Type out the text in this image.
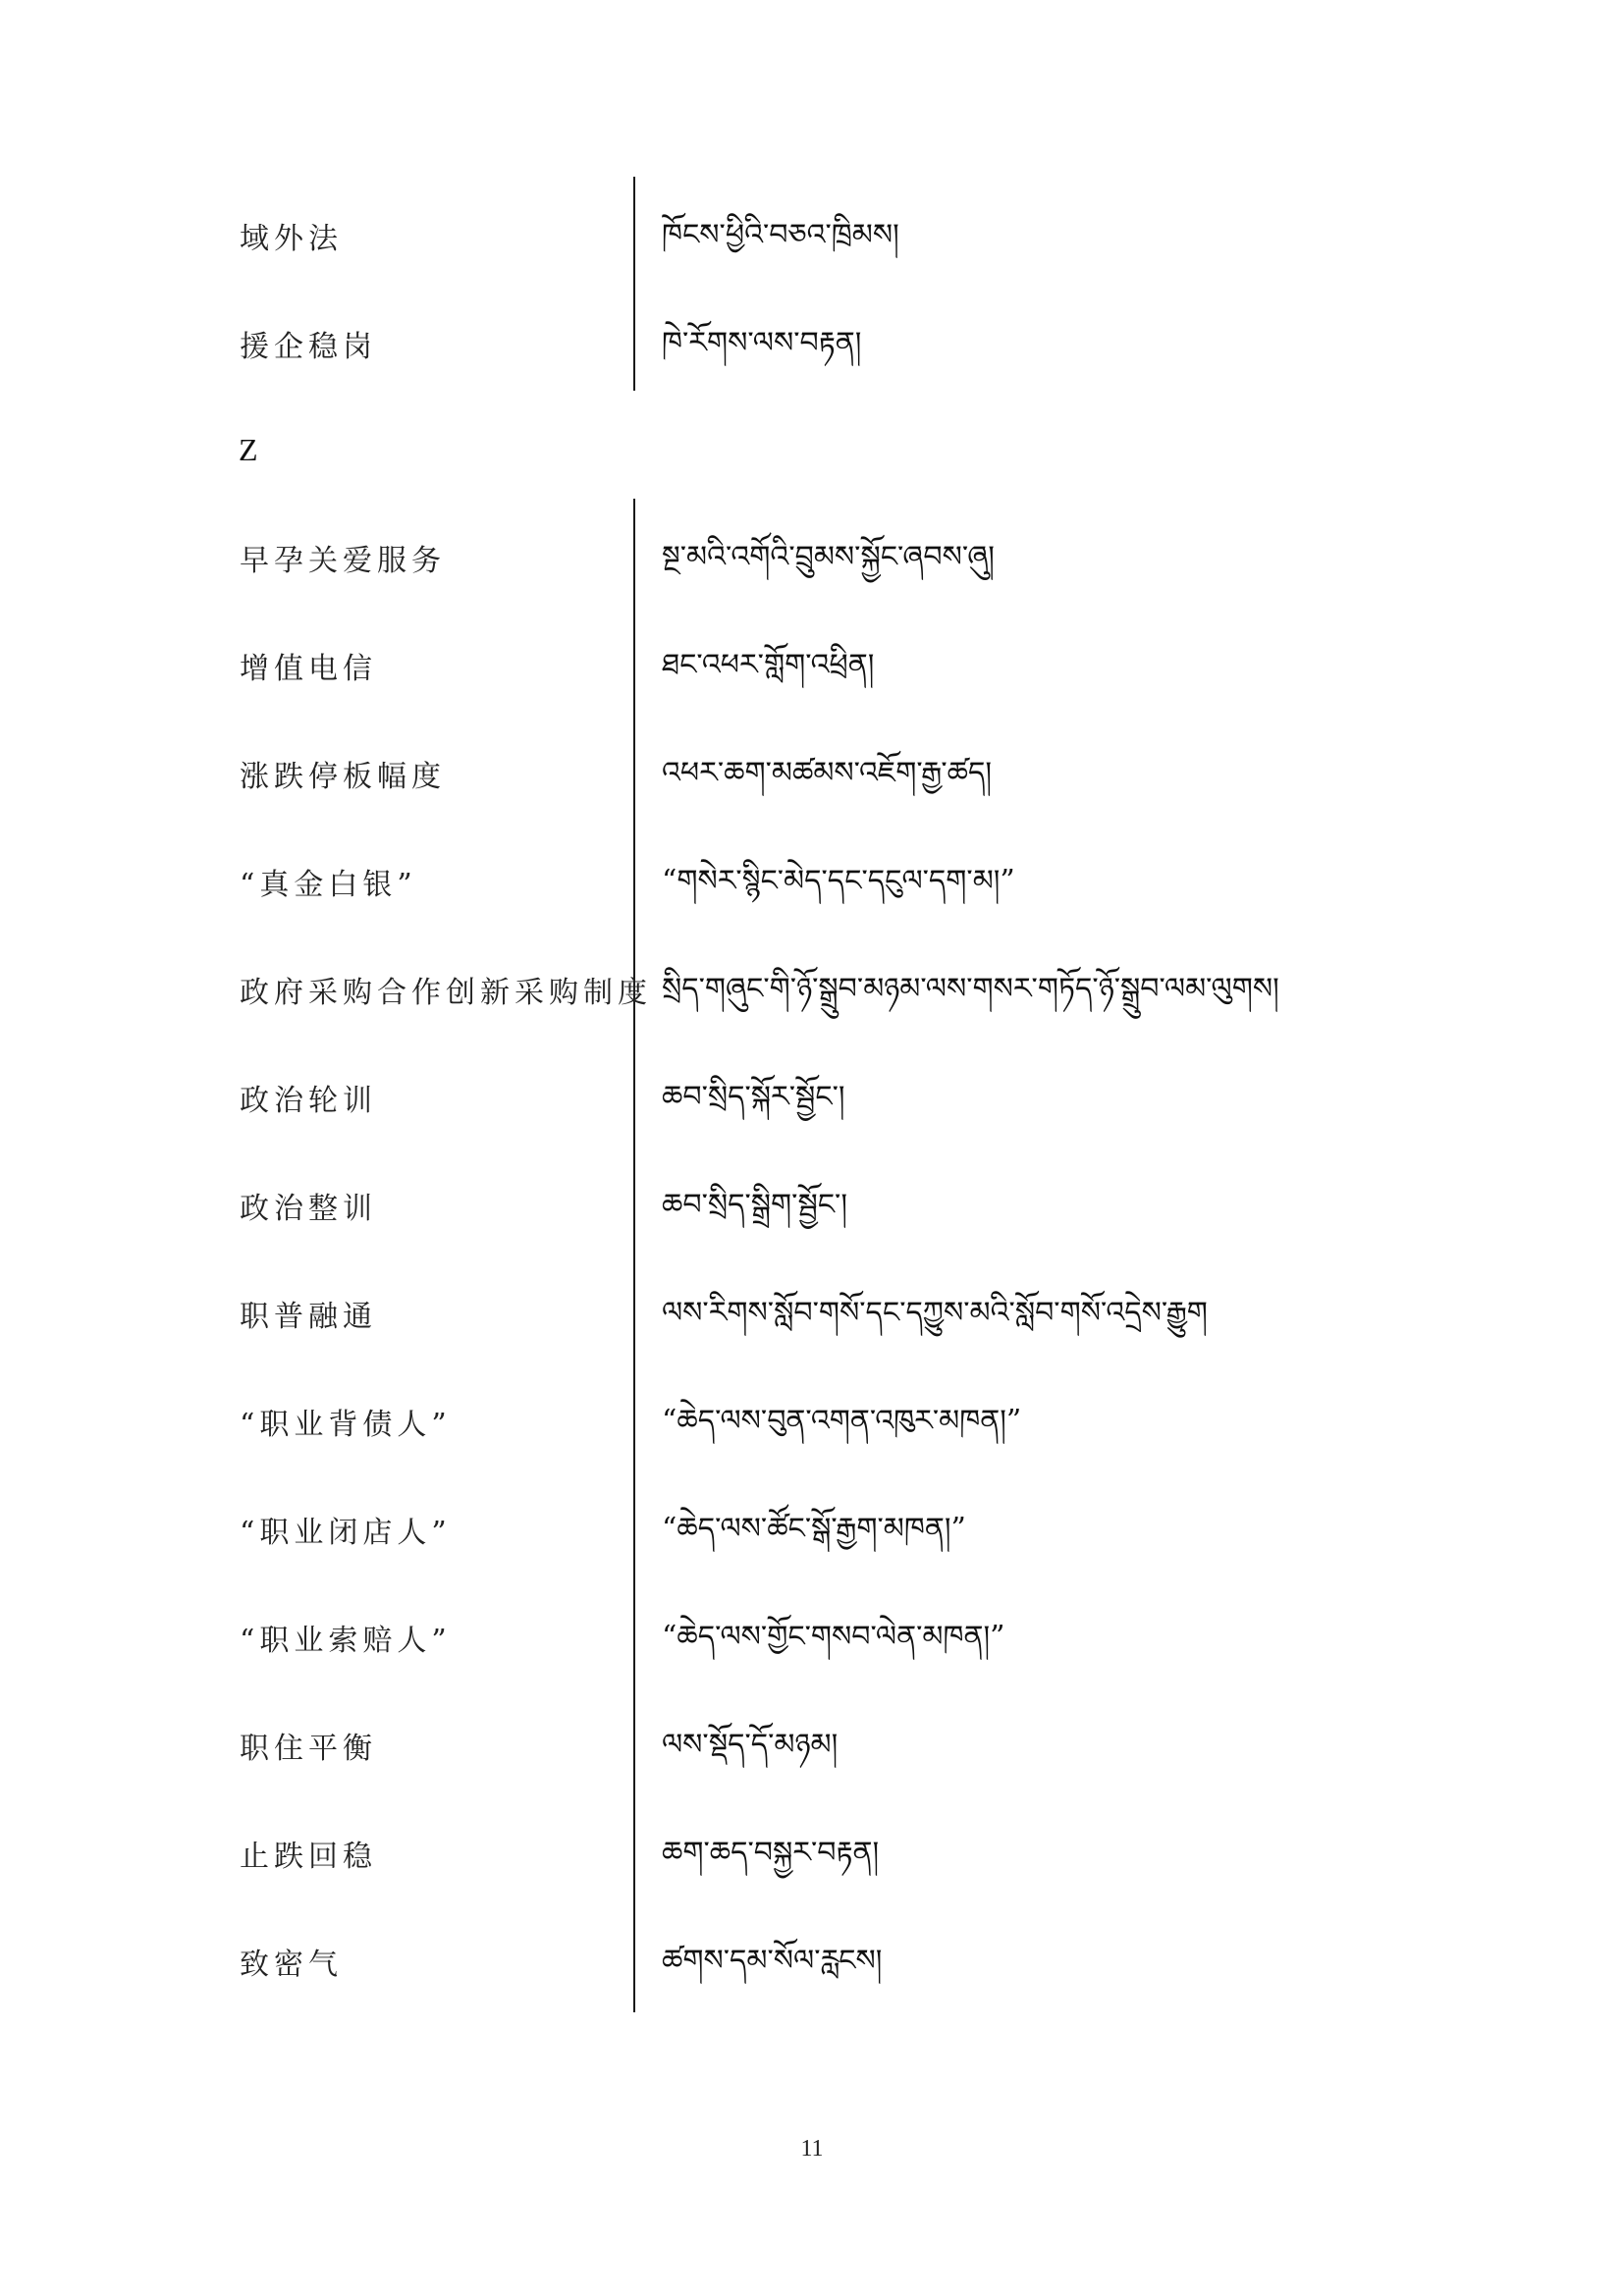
域外法	ཁོངས་ཕྱིའི་བཅའ་ཁྲིམས།
援企稳岗	ཁེ་རོགས་ལས་བརྟན།
Z
早孕关爱服务	སྔ་མའི་འགོའི་བྲུམས་སྐྱོང་ཞབས་ཞུ།
增值电信	ཐང་འཕར་གློག་འཕྲིན།
涨跌停板幅度	འཕར་ཆག་མཚམས་འཇོག་རྒྱ་ཚད།
“真金白银”	“གསེར་སྙིང་མེད་དང་དངུལ་དག་མ།”
政府采购合作创新采购制度 སྲིད་གཞུང་གི་ཉོ་སྒྲུབ་མཉམ་ལས་གསར་གཏོད་ཉོ་སྒྲུབ་ལམ་ལུགས།
政治轮训	ཆབ་སྲིད་སྐོར་སྦྱོང་།
政治整训	ཆབ་སྲིད་སྒྲིག་སྦྱོང་།
职普融通	ལས་རིགས་སློབ་གསོ་དང་དཀྱུས་མའི་སློབ་གསོ་འདྲེས་རྒྱུག
“职业背债人”	“ཆེད་ལས་བུན་འགན་འཁུར་མཁན།”
“职业闭店人”	“ཆེད་ལས་ཚོང་སྒོ་རྒྱག་མཁན།”
“职业索赔人”	“ཆེད་ལས་གྱོང་གསབ་ལེན་མཁན།”
职住平衡	ལས་སྡོད་དོ་མཉམ།
止跌回稳	ཆག་ཆད་བསྐྱར་བརྟན།
致密气	ཚགས་དམ་སོལ་རླངས།
11
